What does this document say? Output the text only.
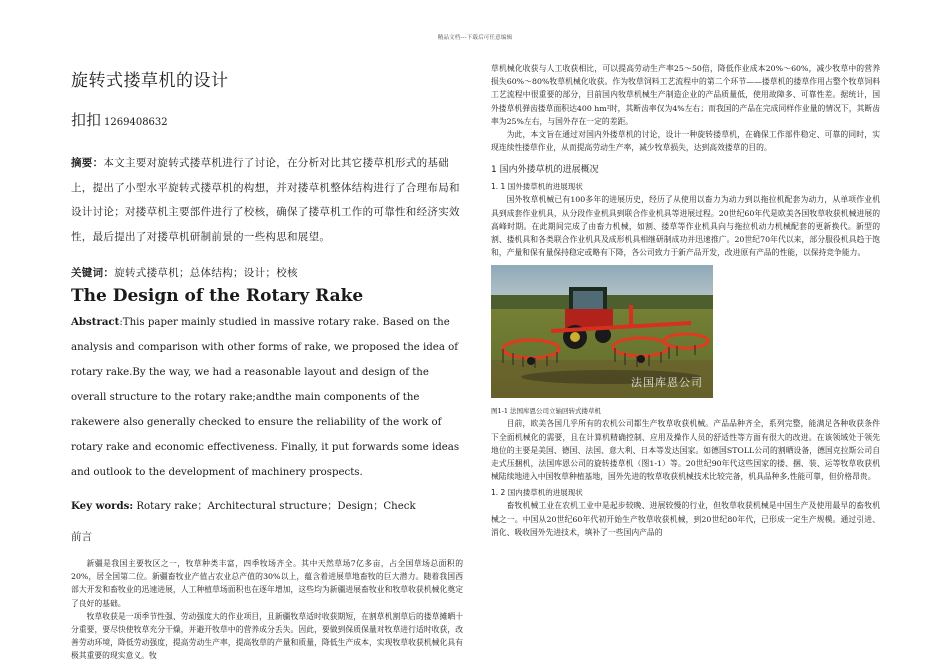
精品文档---下载后可任意编辑
旋转式搂草机的设计
扣扣 1269408632
摘要：本文主要对旋转式搂草机进行了讨论，在分析对比其它搂草机形式的基础上，提出了小型水平旋转式搂草机的构想，并对搂草机整体结构进行了合理布局和设计讨论；对搂草机主要部件进行了校核，确保了搂草机工作的可靠性和经济实效性，最后提出了对搂草机研制前景的一些构思和展望。
关键词：旋转式搂草机；总体结构；设计；校核
The Design of the Rotary Rake
Abstract:This paper mainly studied in massive rotary rake. Based on the analysis and comparison with other forms of rake, we proposed the idea of rotary rake.By the way, we had a reasonable layout and design of the overall structure to the rotary rake;andthe main components of the rakewere also generally checked to ensure the reliability of the work of rotary rake and economic effectiveness. Finally, it put forwards some ideas and outlook to the development of machinery prospects.
Key words: Rotary rake；Architectural structure；Design；Check
前言

新疆是我国主要牧区之一，牧草种类丰富，四季牧场齐全。其中天然草场7亿多亩，占全国草场总面积的20%，居全国第二位。新疆畜牧业产值占农业总产值的30%以上，蕴含着进展草地畜牧的巨大潜力。随着我国西部大开发和畜牧业的迅速进展，人工种植草场面积也在逐年增加，这些均为新疆进展畜牧业和牧草收获机械化奠定了良好的基础。

牧草收获是一项季节性强、劳动强度大的作业项目，且新疆牧草适时收获期短，在割草机割草后的搂草摊晒十分重要，要尽快使牧草充分干燥，并避开牧草中的营养成分丢失。因此，要做到保质保量对牧草进行适时收获，改善劳动环境，降低劳动强度，提高劳动生产率，提高牧草的产量和质量，降低生产成本，实现牧草收获机械化具有极其重要的现实意义。牧

草机械化收获与人工收获相比，可以提高劳动生产率25～50倍，降低作业成本20%～60%，减少牧草中的营养损失60%～80%牧草机械化收获。作为牧草饲料工艺流程中的第二个环节——搂草机的搂草作用占整个牧草饲料工艺流程中很重要的部分，目前国内牧草机械生产制造企业的产品质量低，使用故障多、可靠性差。据统计，国外搂草机弹齿搂草面积达400 hm²时，其断齿率仅为4%左右；而我国的产品在完成同样作业量的情况下，其断齿率为25%左右，与国外存在一定的差距。

为此，本文旨在通过对国内外搂草机的讨论，设计一种旋转搂草机，在确保工作部件稳定、可靠的同时，实现连续性搂草作业，从而提高劳动生产率，减少牧草损失，达到高效搂草的目的。

1 国内外搂草机的进展概况
1. 1 国外搂草机的进展现状

国外牧草机械已有100多年的进展历史，经历了从使用以畜力为动力到以拖拉机配套为动力，从单项作业机具到成套作业机具，从分段作业机具到联合作业机具等进展过程。20世纪60年代是欧美各国牧草收获机械进展的高峰时期。在此期间完成了由畜力机械，如割、搂草等作业机具向与拖拉机动力机械配套的更新换代。新型的割、搂机具和各类联合作业机具及成形机具相继研制成功并迅速推广。20世纪70年代以来，部分服役机具趋于饱和，产量和保有量保持稳定或略有下降，各公司致力于新产品开发，改进原有产品的性能，以保持竞争能力。

法国库恩公司
图1-1 法国库恩公司立轴回转式搂草机

目前，欧美各国几乎所有的农机公司都生产牧草收获机械。产品品种齐全，系列完整，能满足各种收获条件下全面机械化的需要，且在计算机精确控制、应用及操作人员的舒适性等方面有很大的改进。在该领域处于领先地位的主要是美国、德国、法国、意大利、日本等发达国家。如德国STOLL公司的割晒设备，德国克拉斯公司自走式压捆机，法国库恩公司的旋转搂草机（图1-1）等。20世纪90年代这些国家的搂、捆、装、运等牧草收获机械陆续地进入中国牧草种植基地，国外先进的牧草收获机械技术比较完备，机具品种多,性能可靠，但价格昂贵。

1. 2 国内搂草机的进展现状

畜牧机械工业在农机工业中是起步较晚、进展较慢的行业，但牧草收获机械是中国生产及使用最早的畜牧机械之一。中国从20世纪60年代初开始生产牧草收获机械，到20世纪80年代，已形成一定生产规模。通过引进、消化、吸收国外先进技术，填补了一些国内产品的
